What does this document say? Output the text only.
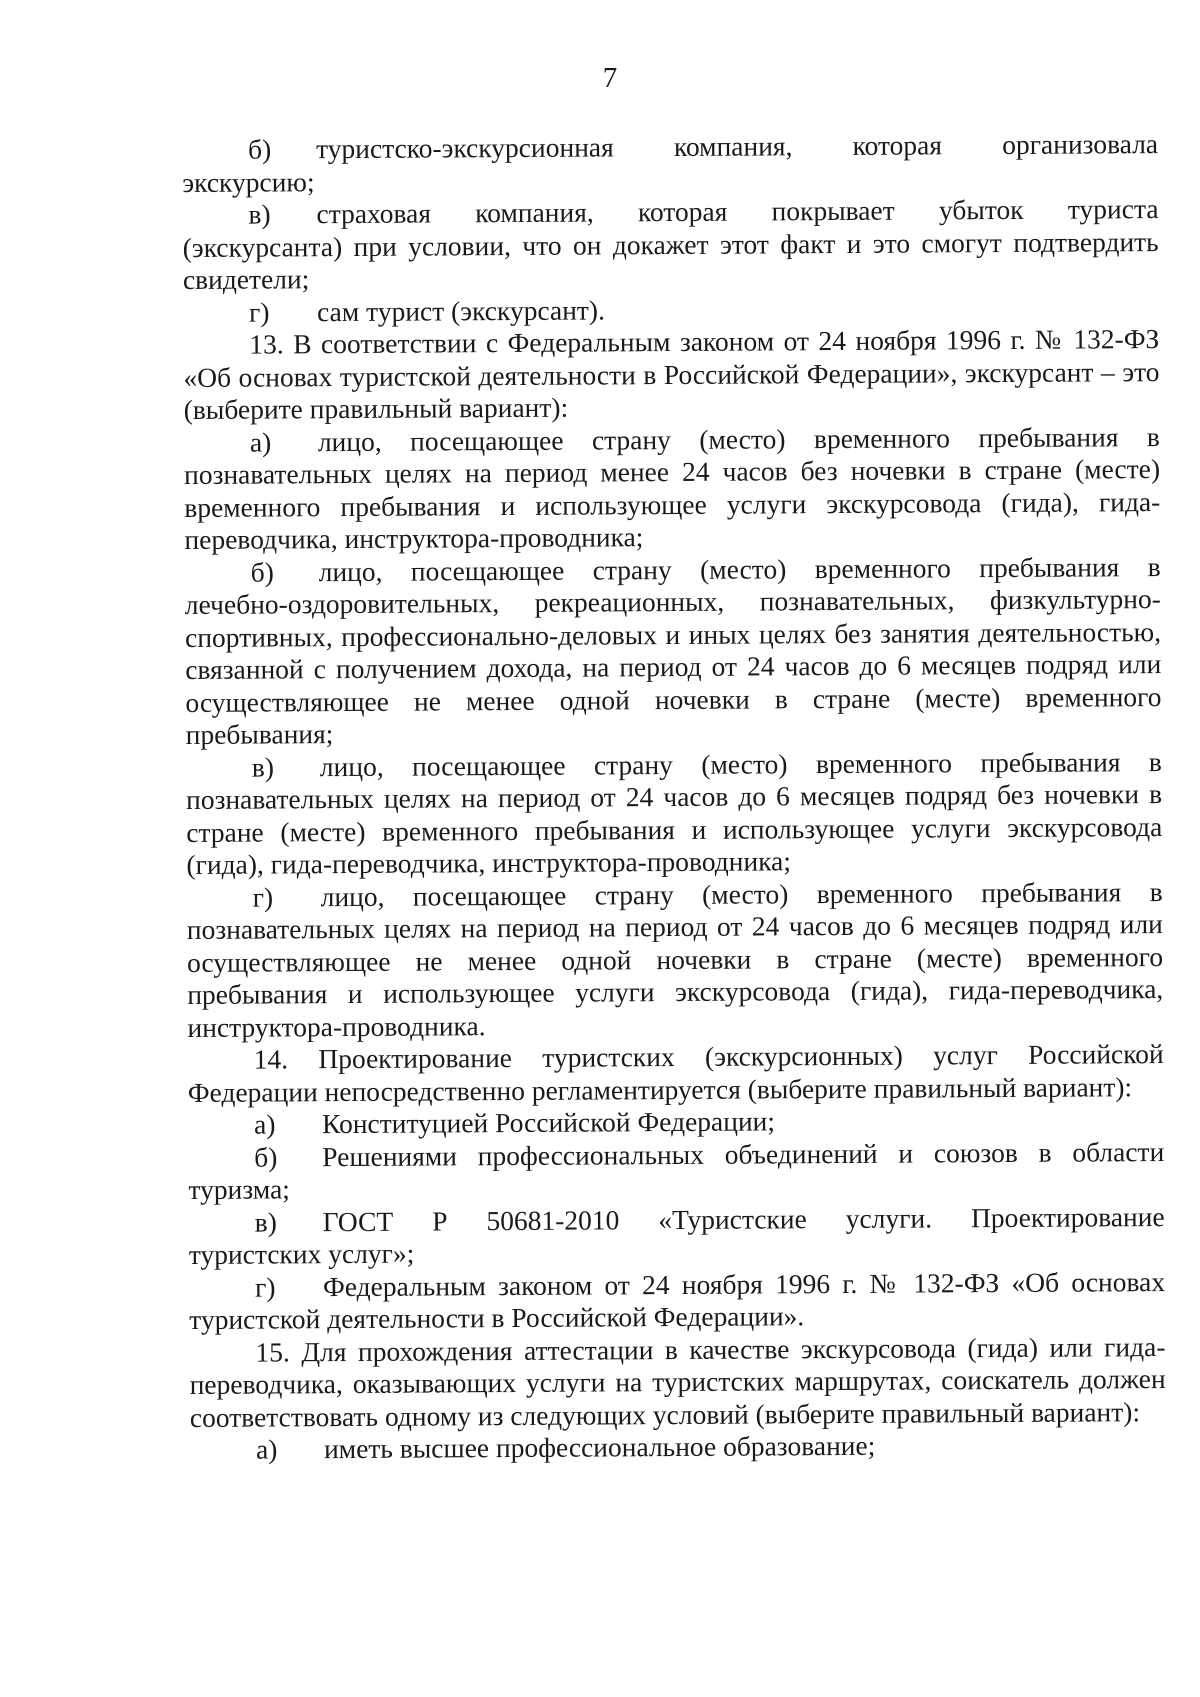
7
б)	туристско-экскурсионная компания, которая организовала
экскурсию;
в)	страховая компания, которая покрывает убыток туриста
(экскурсанта) при условии, что он докажет этот факт и это смогут подтвердить свидетели;
г)	сам турист (экскурсант).

13. В соответствии с Федеральным законом от 24 ноября 1996 г. № 132-ФЗ «Об основах туристской деятельности в Российской Федерации», экскурсант – это (выберите правильный вариант):

а)	лицо, посещающее страну (место) временного пребывания в
познавательных целях на период менее 24 часов без ночевки в стране (месте) временного пребывания и использующее услуги экскурсовода (гида), гида-переводчика, инструктора-проводника;
б)	лицо, посещающее страну (место) временного пребывания в
лечебно-оздоровительных, рекреационных, познавательных, физкультурно-спортивных, профессионально-деловых и иных целях без занятия деятельностью, связанной с получением дохода, на период от 24 часов до 6 месяцев подряд или осуществляющее не менее одной ночевки в стране (месте) временного пребывания;
в)	лицо, посещающее страну (место) временного пребывания в
познавательных целях на период от 24 часов до 6 месяцев подряд без ночевки в стране (месте) временного пребывания и использующее услуги экскурсовода (гида), гида-переводчика, инструктора-проводника;
г)	лицо, посещающее страну (место) временного пребывания в
познавательных целях на период на период от 24 часов до 6 месяцев подряд или осуществляющее не менее одной ночевки в стране (месте) временного пребывания и использующее услуги экскурсовода (гида), гида-переводчика, инструктора-проводника.

14. Проектирование туристских (экскурсионных) услуг Российской Федерации непосредственно регламентируется (выберите правильный вариант):

а)	Конституцией Российской Федерации;
б)	Решениями профессиональных объединений и союзов в области
туризма;
в)	ГОСТ Р 50681-2010 «Туристские услуги. Проектирование
туристских услуг»;
г)	Федеральным законом от 24 ноября 1996 г. № 132-ФЗ «Об основах
туристской деятельности в Российской Федерации».

15. Для прохождения аттестации в качестве экскурсовода (гида) или гида-переводчика, оказывающих услуги на туристских маршрутах, соискатель должен соответствовать одному из следующих условий (выберите правильный вариант):

а)	иметь высшее профессиональное образование;
